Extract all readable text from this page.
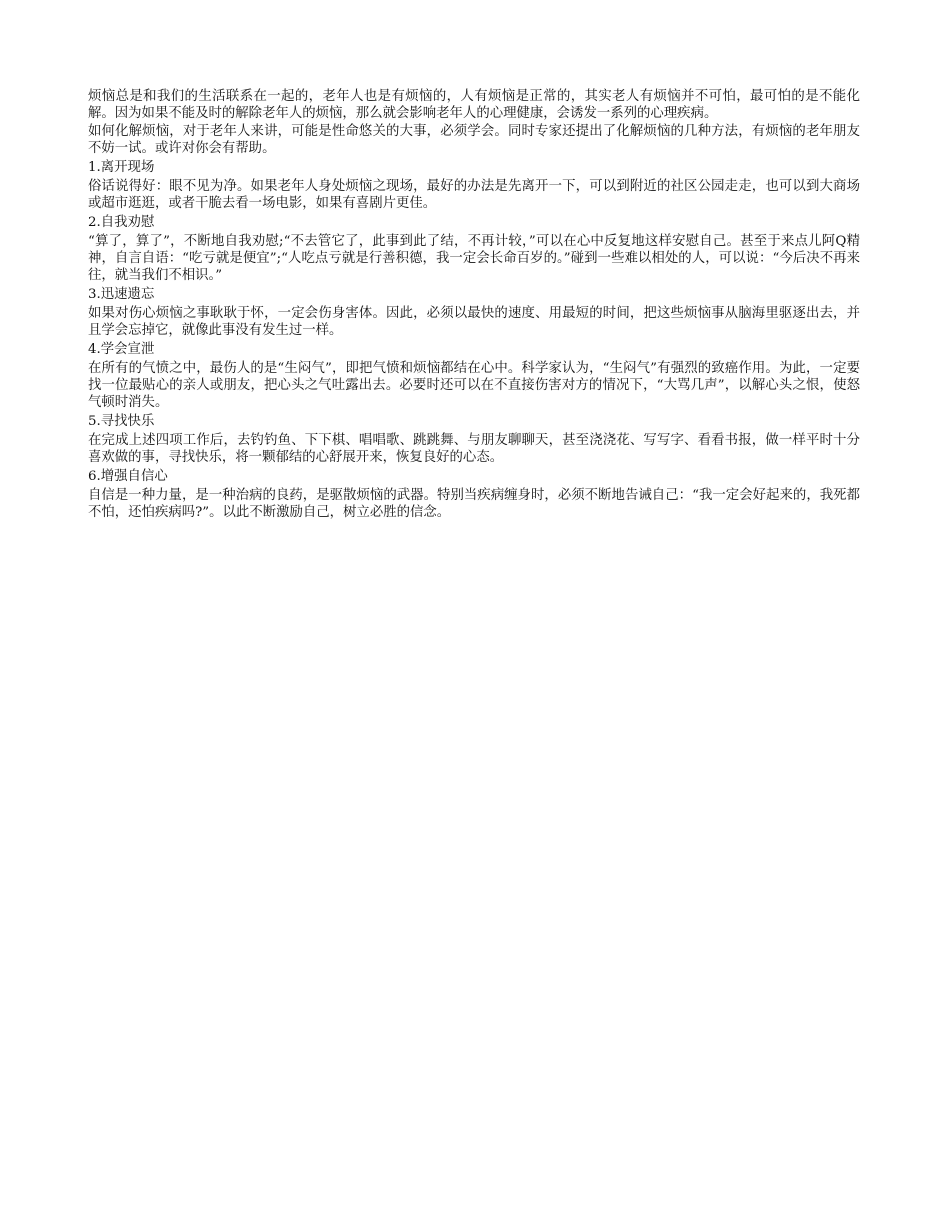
烦恼总是和我们的生活联系在一起的，老年人也是有烦恼的，人有烦恼是正常的，其实老人有烦恼并不可怕，最可怕的是不能化解。因为如果不能及时的解除老年人的烦恼，那么就会影响老年人的心理健康，会诱发一系列的心理疾病。

如何化解烦恼，对于老年人来讲，可能是性命悠关的大事，必须学会。同时专家还提出了化解烦恼的几种方法，有烦恼的老年朋友不妨一试。或许对你会有帮助。

1.离开现场

俗话说得好：眼不见为净。如果老年人身处烦恼之现场，最好的办法是先离开一下，可以到附近的社区公园走走，也可以到大商场或超市逛逛，或者干脆去看一场电影，如果有喜剧片更佳。

2.自我劝慰

“算了，算了”，不断地自我劝慰;“不去管它了，此事到此了结，不再计较，”可以在心中反复地这样安慰自己。甚至于来点儿阿Q精神，自言自语：“吃亏就是便宜”;“人吃点亏就是行善积德，我一定会长命百岁的。”碰到一些难以相处的人，可以说：“今后决不再来往，就当我们不相识。”

3.迅速遗忘

如果对伤心烦恼之事耿耿于怀，一定会伤身害体。因此，必须以最快的速度、用最短的时间，把这些烦恼事从脑海里驱逐出去，并且学会忘掉它，就像此事没有发生过一样。

4.学会宣泄

在所有的气愤之中，最伤人的是“生闷气”，即把气愤和烦恼都结在心中。科学家认为，“生闷气”有强烈的致癌作用。为此，一定要找一位最贴心的亲人或朋友，把心头之气吐露出去。必要时还可以在不直接伤害对方的情况下，“大骂几声”，以解心头之恨，使怒气顿时消失。

5.寻找快乐

在完成上述四项工作后，去钓钓鱼、下下棋、唱唱歌、跳跳舞、与朋友聊聊天，甚至浇浇花、写写字、看看书报，做一样平时十分喜欢做的事，寻找快乐，将一颗郁结的心舒展开来，恢复良好的心态。

6.增强自信心

自信是一种力量，是一种治病的良药，是驱散烦恼的武器。特别当疾病缠身时，必须不断地告诫自己：“我一定会好起来的，我死都不怕，还怕疾病吗?”。以此不断激励自己，树立必胜的信念。
